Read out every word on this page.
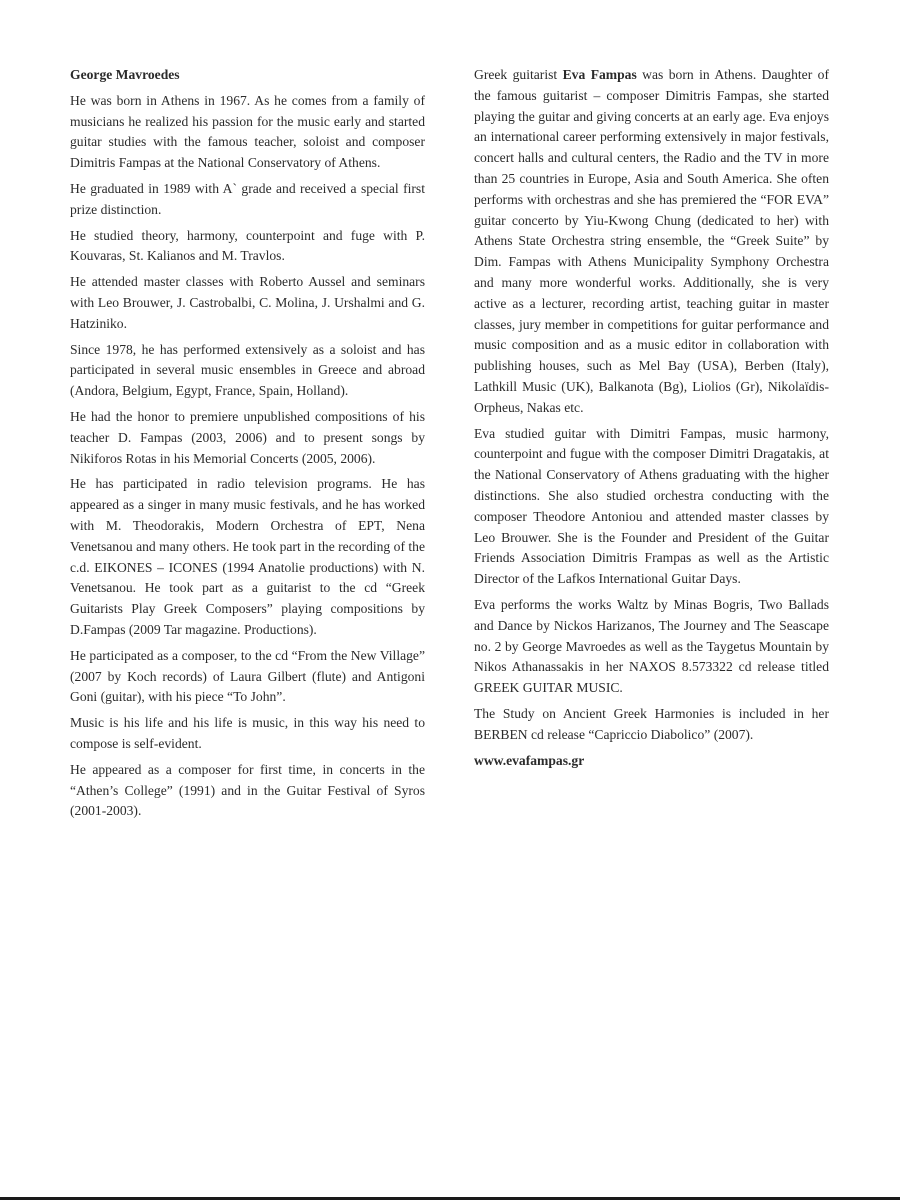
George Mavroedes

He was born in Athens in 1967. As he comes from a family of musicians he realized his passion for the music early and started guitar studies with the famous teacher, soloist and composer Dimitris Fampas at the National Conservatory of Athens.

He graduated in 1989 with A` grade and received a special first prize distinction.

He studied theory, harmony, counterpoint and fuge with P. Kouvaras, St. Kalianos and M. Travlos.

He attended master classes with Roberto Aussel and seminars with Leo Brouwer, J. Castrobalbi, C. Molina, J. Urshalmi and G. Hatziniko.

Since 1978, he has performed extensively as a soloist and has participated in several music ensembles in Greece and abroad (Andora, Belgium, Egypt, France, Spain, Holland).

He had the honor to premiere unpublished compositions of his teacher D. Fampas (2003, 2006) and to present songs by Nikiforos Rotas in his Memorial Concerts (2005, 2006).

He has participated in radio television programs. He has appeared as a singer in many music festivals, and he has worked with M. Theodorakis, Modern Orchestra of EPT, Nena Venetsanou and many others. He took part in the recording of the c.d. EIKONES – ICONES (1994 Anatolie productions) with N. Venetsanou. He took part as a guitarist to the cd “Greek Guitarists Play Greek Composers” playing compositions by D.Fampas (2009 Tar magazine. Productions).

He participated as a composer, to the cd “From the New Village” (2007 by Koch records) of Laura Gilbert (flute) and Antigoni Goni (guitar), with his piece “To John”.

Music is his life and his life is music, in this way his need to compose is self-evident.

He appeared as a composer for first time, in concerts in the “Athen’s College” (1991) and in the Guitar Festival of Syros (2001-2003).

Greek guitarist Eva Fampas was born in Athens. Daughter of the famous guitarist – composer Dimitris Fampas, she started playing the guitar and giving concerts at an early age. Eva enjoys an international career performing extensively in major festivals, concert halls and cultural centers, the Radio and the TV in more than 25 countries in Europe, Asia and South America. She often performs with orchestras and she has premiered the “FOR EVA” guitar concerto by Yiu-Kwong Chung (dedicated to her) with Athens State Orchestra string ensemble, the “Greek Suite” by Dim. Fampas with Athens Municipality Symphony Orchestra and many more wonderful works. Additionally, she is very active as a lecturer, recording artist, teaching guitar in master classes, jury member in competitions for guitar performance and music composition and as a music editor in collaboration with publishing houses, such as Mel Bay (USA), Berben (Italy), Lathkill Music (UK), Balkanota (Bg), Liolios (Gr), Nikolaïdis-Orpheus, Nakas etc.

Eva studied guitar with Dimitri Fampas, music harmony, counterpoint and fugue with the composer Dimitri Dragatakis, at the National Conservatory of Athens graduating with the higher distinctions. She also studied orchestra conducting with the composer Theodore Antoniou and attended master classes by Leo Brouwer. She is the Founder and President of the Guitar Friends Association Dimitris Frampas as well as the Artistic Director of the Lafkos International Guitar Days.

Eva performs the works Waltz by Minas Bogris, Two Ballads and Dance by Nickos Harizanos, The Journey and The Seascape no. 2 by George Mavroedes as well as the Taygetus Mountain by Nikos Athanassakis in her NAXOS 8.573322 cd release titled GREEK GUITAR MUSIC.

The Study on Ancient Greek Harmonies is included in her BERBEN cd release “Capriccio Diabolico” (2007).

www.evafampas.gr
